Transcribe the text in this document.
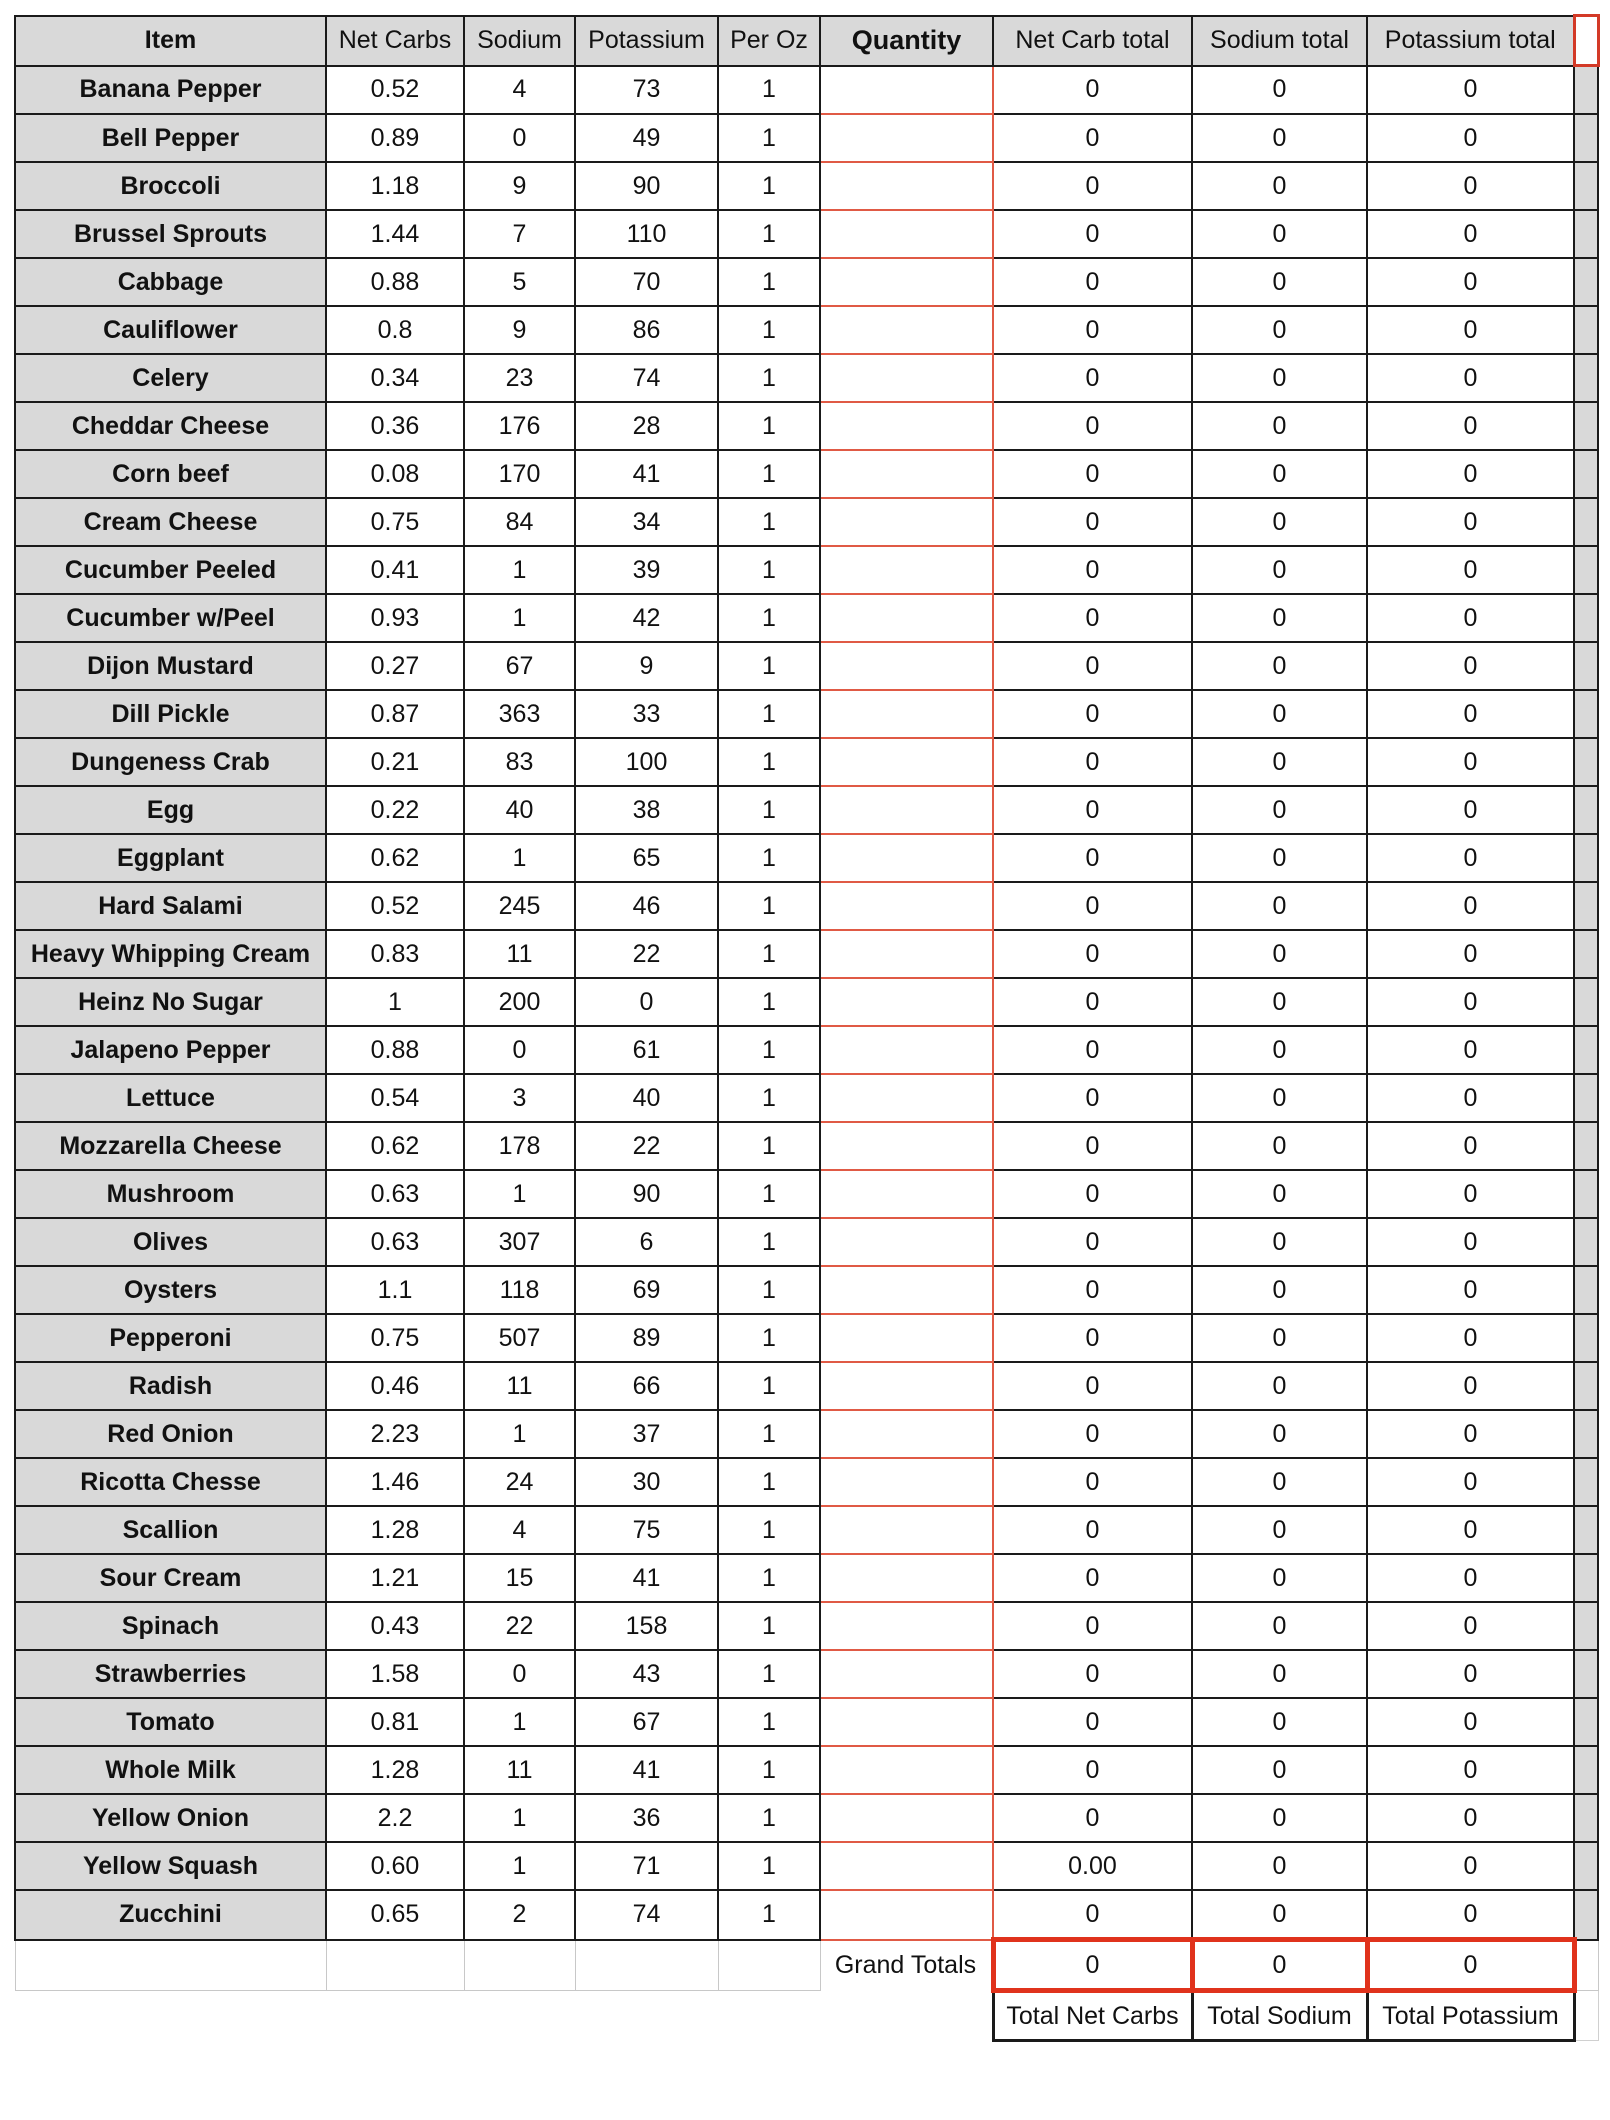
Item	Net Carbs	Sodium	Potassium	Per Oz	Quantity	Net Carb total	Sodium total	Potassium total	
Banana Pepper	0.52	4	73	1		0	0	0	
Bell Pepper	0.89	0	49	1		0	0	0	
Broccoli	1.18	9	90	1		0	0	0	
Brussel Sprouts	1.44	7	110	1		0	0	0	
Cabbage	0.88	5	70	1		0	0	0	
Cauliflower	0.8	9	86	1		0	0	0	
Celery	0.34	23	74	1		0	0	0	
Cheddar Cheese	0.36	176	28	1		0	0	0	
Corn beef	0.08	170	41	1		0	0	0	
Cream Cheese	0.75	84	34	1		0	0	0	
Cucumber Peeled	0.41	1	39	1		0	0	0	
Cucumber w/Peel	0.93	1	42	1		0	0	0	
Dijon Mustard	0.27	67	9	1		0	0	0	
Dill Pickle	0.87	363	33	1		0	0	0	
Dungeness Crab	0.21	83	100	1		0	0	0	
Egg	0.22	40	38	1		0	0	0	
Eggplant	0.62	1	65	1		0	0	0	
Hard Salami	0.52	245	46	1		0	0	0	
Heavy Whipping Cream	0.83	11	22	1		0	0	0	
Heinz No Sugar	1	200	0	1		0	0	0	
Jalapeno Pepper	0.88	0	61	1		0	0	0	
Lettuce	0.54	3	40	1		0	0	0	
Mozzarella Cheese	0.62	178	22	1		0	0	0	
Mushroom	0.63	1	90	1		0	0	0	
Olives	0.63	307	6	1		0	0	0	
Oysters	1.1	118	69	1		0	0	0	
Pepperoni	0.75	507	89	1		0	0	0	
Radish	0.46	11	66	1		0	0	0	
Red Onion	2.23	1	37	1		0	0	0	
Ricotta Chesse	1.46	24	30	1		0	0	0	
Scallion	1.28	4	75	1		0	0	0	
Sour Cream	1.21	15	41	1		0	0	0	
Spinach	0.43	22	158	1		0	0	0	
Strawberries	1.58	0	43	1		0	0	0	
Tomato	0.81	1	67	1		0	0	0	
Whole Milk	1.28	11	41	1		0	0	0	
Yellow Onion	2.2	1	36	1		0	0	0	
Yellow Squash	0.60	1	71	1		0.00	0	0	
Zucchini	0.65	2	74	1		0	0	0	
					Grand Totals	0	0	0	
						Total Net Carbs	Total Sodium	Total Potassium	
